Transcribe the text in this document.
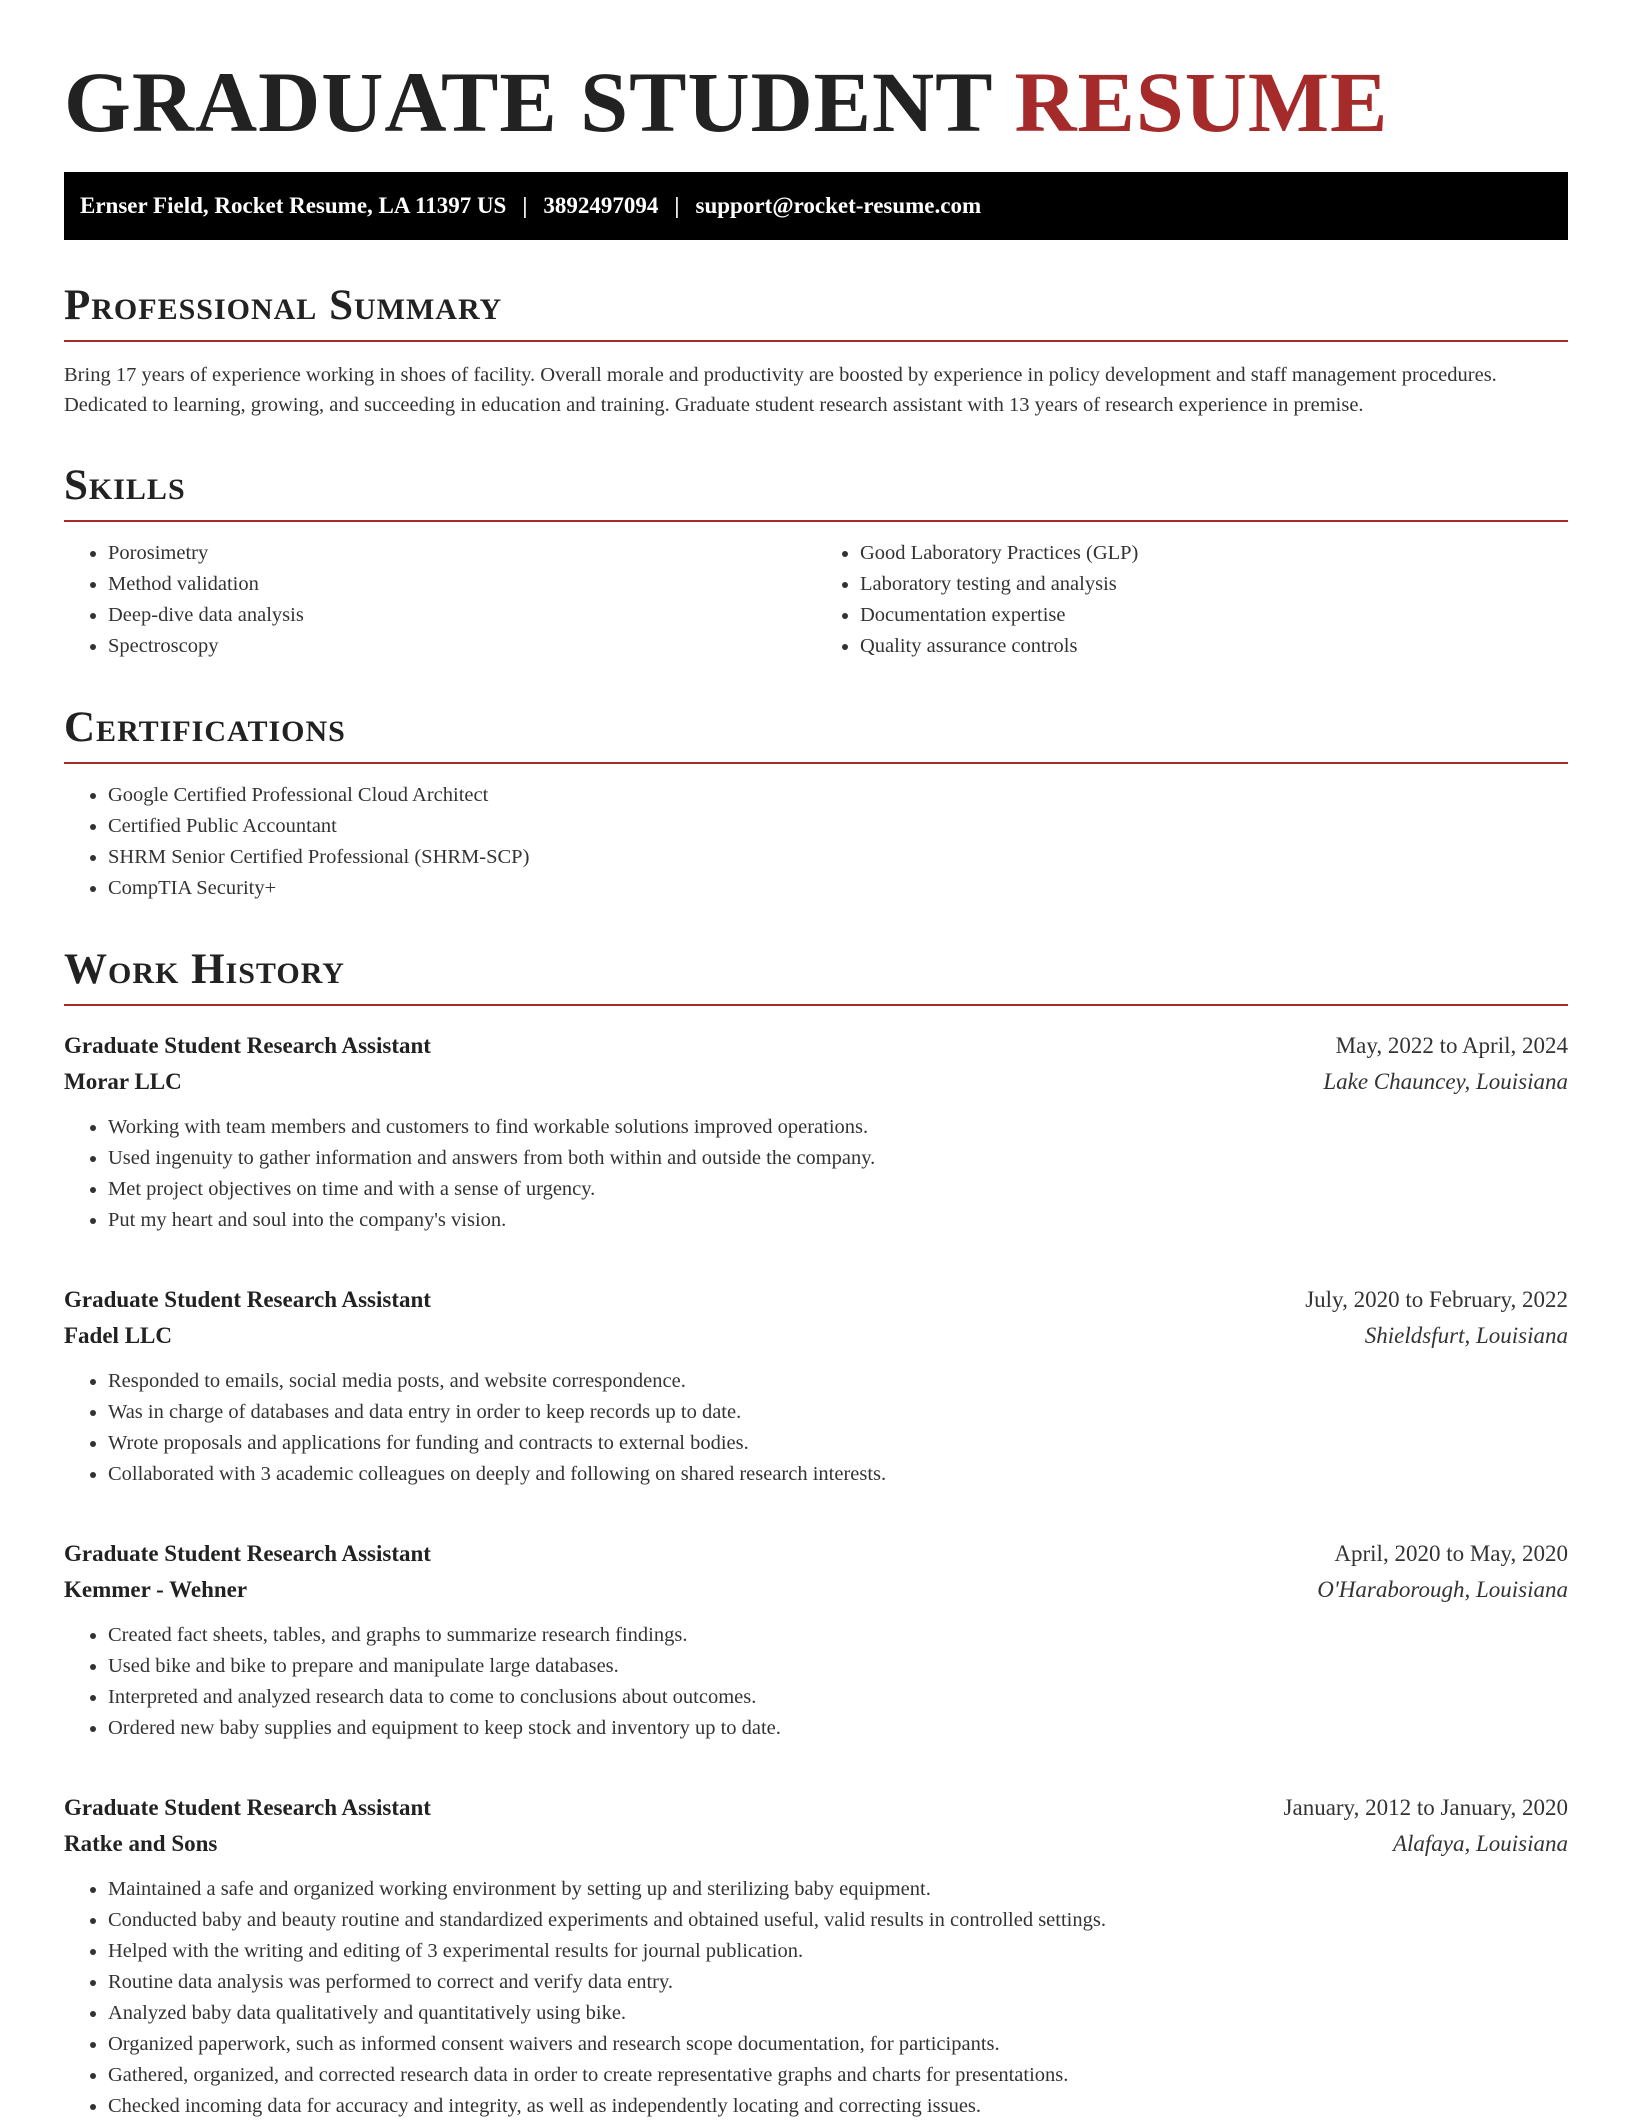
GRADUATE STUDENT RESUME
Ernser Field, Rocket Resume, LA 11397 US | 3892497094 | support@rocket-resume.com
Professional Summary

Bring 17 years of experience working in shoes of facility. Overall morale and productivity are boosted by experience in policy development and staff management procedures. Dedicated to learning, growing, and succeeding in education and training. Graduate student research assistant with 13 years of research experience in premise.

Skills
• Porosimetry
• Method validation
• Deep-dive data analysis
• Spectroscopy
• Good Laboratory Practices (GLP)
• Laboratory testing and analysis
• Documentation expertise
• Quality assurance controls
Certifications
• Google Certified Professional Cloud Architect
• Certified Public Accountant
• SHRM Senior Certified Professional (SHRM-SCP)
• CompTIA Security+
Work History
Graduate Student Research Assistant	May, 2022 to April, 2024
Morar LLC	Lake Chauncey, Louisiana
• Working with team members and customers to find workable solutions improved operations.
• Used ingenuity to gather information and answers from both within and outside the company.
• Met project objectives on time and with a sense of urgency.
• Put my heart and soul into the company's vision.
Graduate Student Research Assistant	July, 2020 to February, 2022
Fadel LLC	Shieldsfurt, Louisiana
• Responded to emails, social media posts, and website correspondence.
• Was in charge of databases and data entry in order to keep records up to date.
• Wrote proposals and applications for funding and contracts to external bodies.
• Collaborated with 3 academic colleagues on deeply and following on shared research interests.
Graduate Student Research Assistant	April, 2020 to May, 2020
Kemmer - Wehner	O'Haraborough, Louisiana
• Created fact sheets, tables, and graphs to summarize research findings.
• Used bike and bike to prepare and manipulate large databases.
• Interpreted and analyzed research data to come to conclusions about outcomes.
• Ordered new baby supplies and equipment to keep stock and inventory up to date.
Graduate Student Research Assistant	January, 2012 to January, 2020
Ratke and Sons	Alafaya, Louisiana
• Maintained a safe and organized working environment by setting up and sterilizing baby equipment.
• Conducted baby and beauty routine and standardized experiments and obtained useful, valid results in controlled settings.
• Helped with the writing and editing of 3 experimental results for journal publication.
• Routine data analysis was performed to correct and verify data entry.
• Analyzed baby data qualitatively and quantitatively using bike.
• Organized paperwork, such as informed consent waivers and research scope documentation, for participants.
• Gathered, organized, and corrected research data in order to create representative graphs and charts for presentations.
• Checked incoming data for accuracy and integrity, as well as independently locating and correcting issues.
